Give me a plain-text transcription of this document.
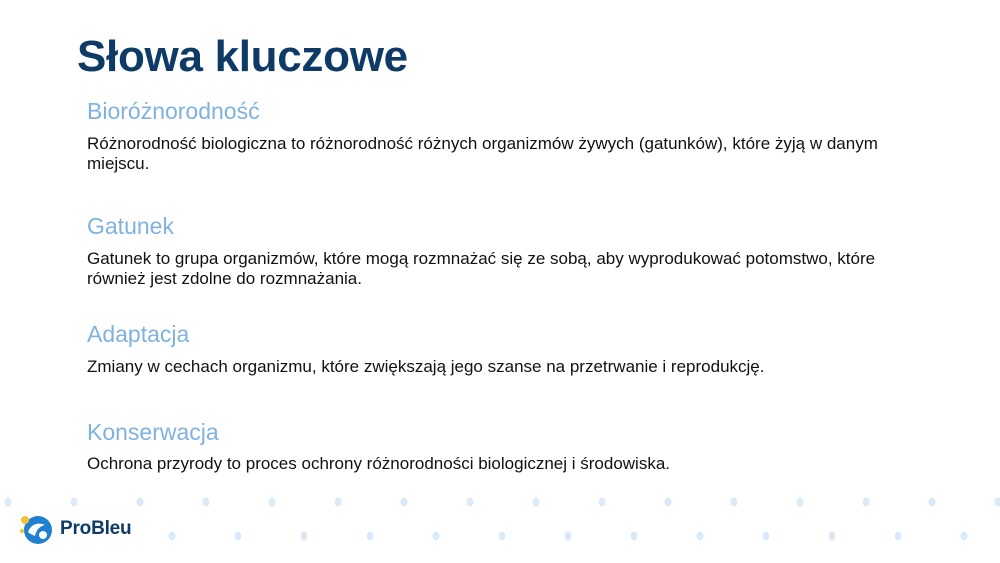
Słowa kluczowe
Bioróżnorodność

Różnorodność biologiczna to różnorodność różnych organizmów żywych (gatunków), które żyją w danym miejscu.

Gatunek

Gatunek to grupa organizmów, które mogą rozmnażać się ze sobą, aby wyprodukować potomstwo, które również jest zdolne do rozmnażania.

Adaptacja

Zmiany w cechach organizmu, które zwiększają jego szanse na przetrwanie i reprodukcję.

Konserwacja

Ochrona przyrody to proces ochrony różnorodności biologicznej i środowiska.

ProBleu
